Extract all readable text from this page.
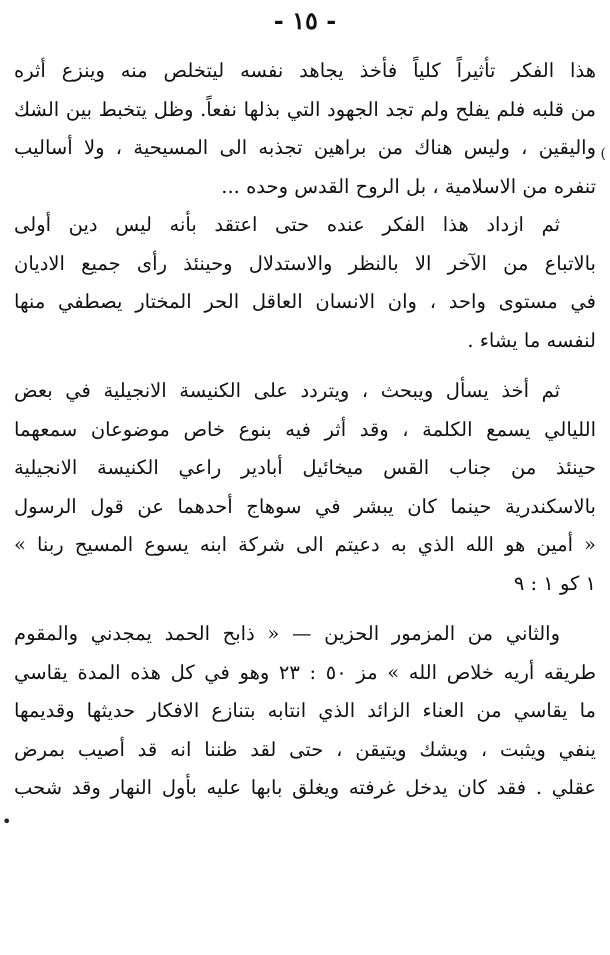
- ١٥ -
(
•
هذا الفكر تأثيراً كلياً فأخذ يجاهد نفسه ليتخلص منه وينزع أثره
من قلبه فلم يفلح ولم تجد الجهود التي بذلها نفعاً. وظل يتخبط بين الشك
واليقين ، وليس هناك من براهين تجذبه الى المسيحية ، ولا أساليب
تنفره من الاسلامية ، بل الروح القدس وحده ...
ثم ازداد هذا الفكر عنده حتى اعتقد بأنه ليس دين أولى
بالاتباع من الآخر الا بالنظر والاستدلال وحينئذ رأى جميع الاديان
في مستوى واحد ، وان الانسان العاقل الحر المختار يصطفي منها
لنفسه ما يشاء .
ثم أخذ يسأل ويبحث ، ويتردد على الكنيسة الانجيلية في بعض
الليالي يسمع الكلمة ، وقد أثر فيه بنوع خاص موضوعان سمعهما
حينئذ من جناب القس ميخائيل أبادير راعي الكنيسة الانجيلية
بالاسكندرية حينما كان يبشر في سوهاج أحدهما عن قول الرسول
« أمين هو الله الذي به دعيتم الى شركة ابنه يسوع المسيح ربنا »
١ كو ١ : ٩
والثاني من المزمور الحزين — « ذابح الحمد يمجدني والمقوم
طريقه أريه خلاص الله » مز ٥٠ : ٢٣ وهو في كل هذه المدة يقاسي
ما يقاسي من العناء الزائد الذي انتابه بتنازع الافكار حديثها وقديمها
ينفي ويثبت ، ويشك ويتيقن ، حتى لقد ظننا انه قد أصيب بمرض
عقلي . فقد كان يدخل غرفته ويغلق بابها عليه بأول النهار وقد شحب
